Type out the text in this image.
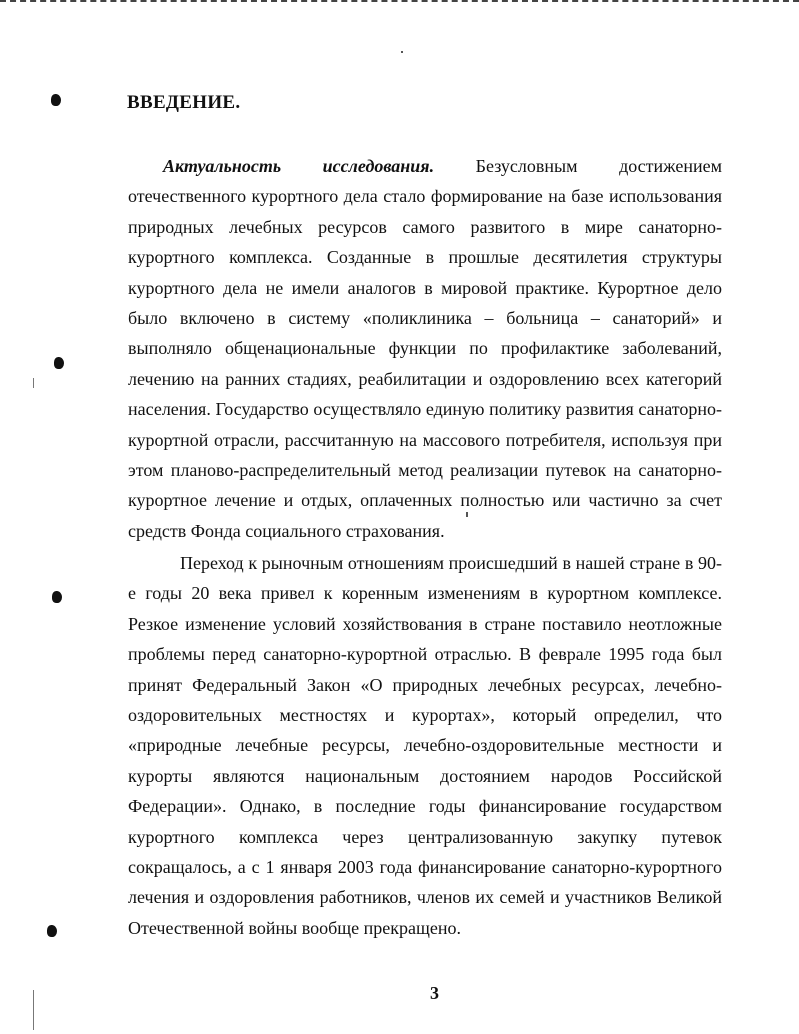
ВВЕДЕНИЕ.

Актуальность исследования. Безусловным достижением отечественного курортного дела стало формирование на базе использования природных лечебных ресурсов самого развитого в мире санаторно-курортного комплекса. Созданные в прошлые десятилетия структуры курортного дела не имели аналогов в мировой практике. Курортное дело было включено в систему «поликлиника – больница – санаторий» и выполняло общенациональные функции по профилактике заболеваний, лечению на ранних стадиях, реабилитации и оздоровлению всех категорий населения. Государство осуществляло единую политику развития санаторно-курортной отрасли, рассчитанную на массового потребителя, используя при этом планово-распределительный метод реализации путевок на санаторно-курортное лечение и отдых, оплаченных полностью или частично за счет средств Фонда социального страхования.

Переход к рыночным отношениям происшедший в нашей стране в 90-е годы 20 века привел к коренным изменениям в курортном комплексе. Резкое изменение условий хозяйствования в стране поставило неотложные проблемы перед санаторно-курортной отраслью. В феврале 1995 года был принят Федеральный Закон «О природных лечебных ресурсах, лечебно-оздоровительных местностях и курортах», который определил, что «природные лечебные ресурсы, лечебно-оздоровительные местности и курорты являются национальным достоянием народов Российской Федерации». Однако, в последние годы финансирование государством курортного комплекса через централизованную закупку путевок сокращалось, а с 1 января 2003 года финансирование санаторно-курортного лечения и оздоровления работников, членов их семей и участников Великой Отечественной войны вообще прекращено.

3
